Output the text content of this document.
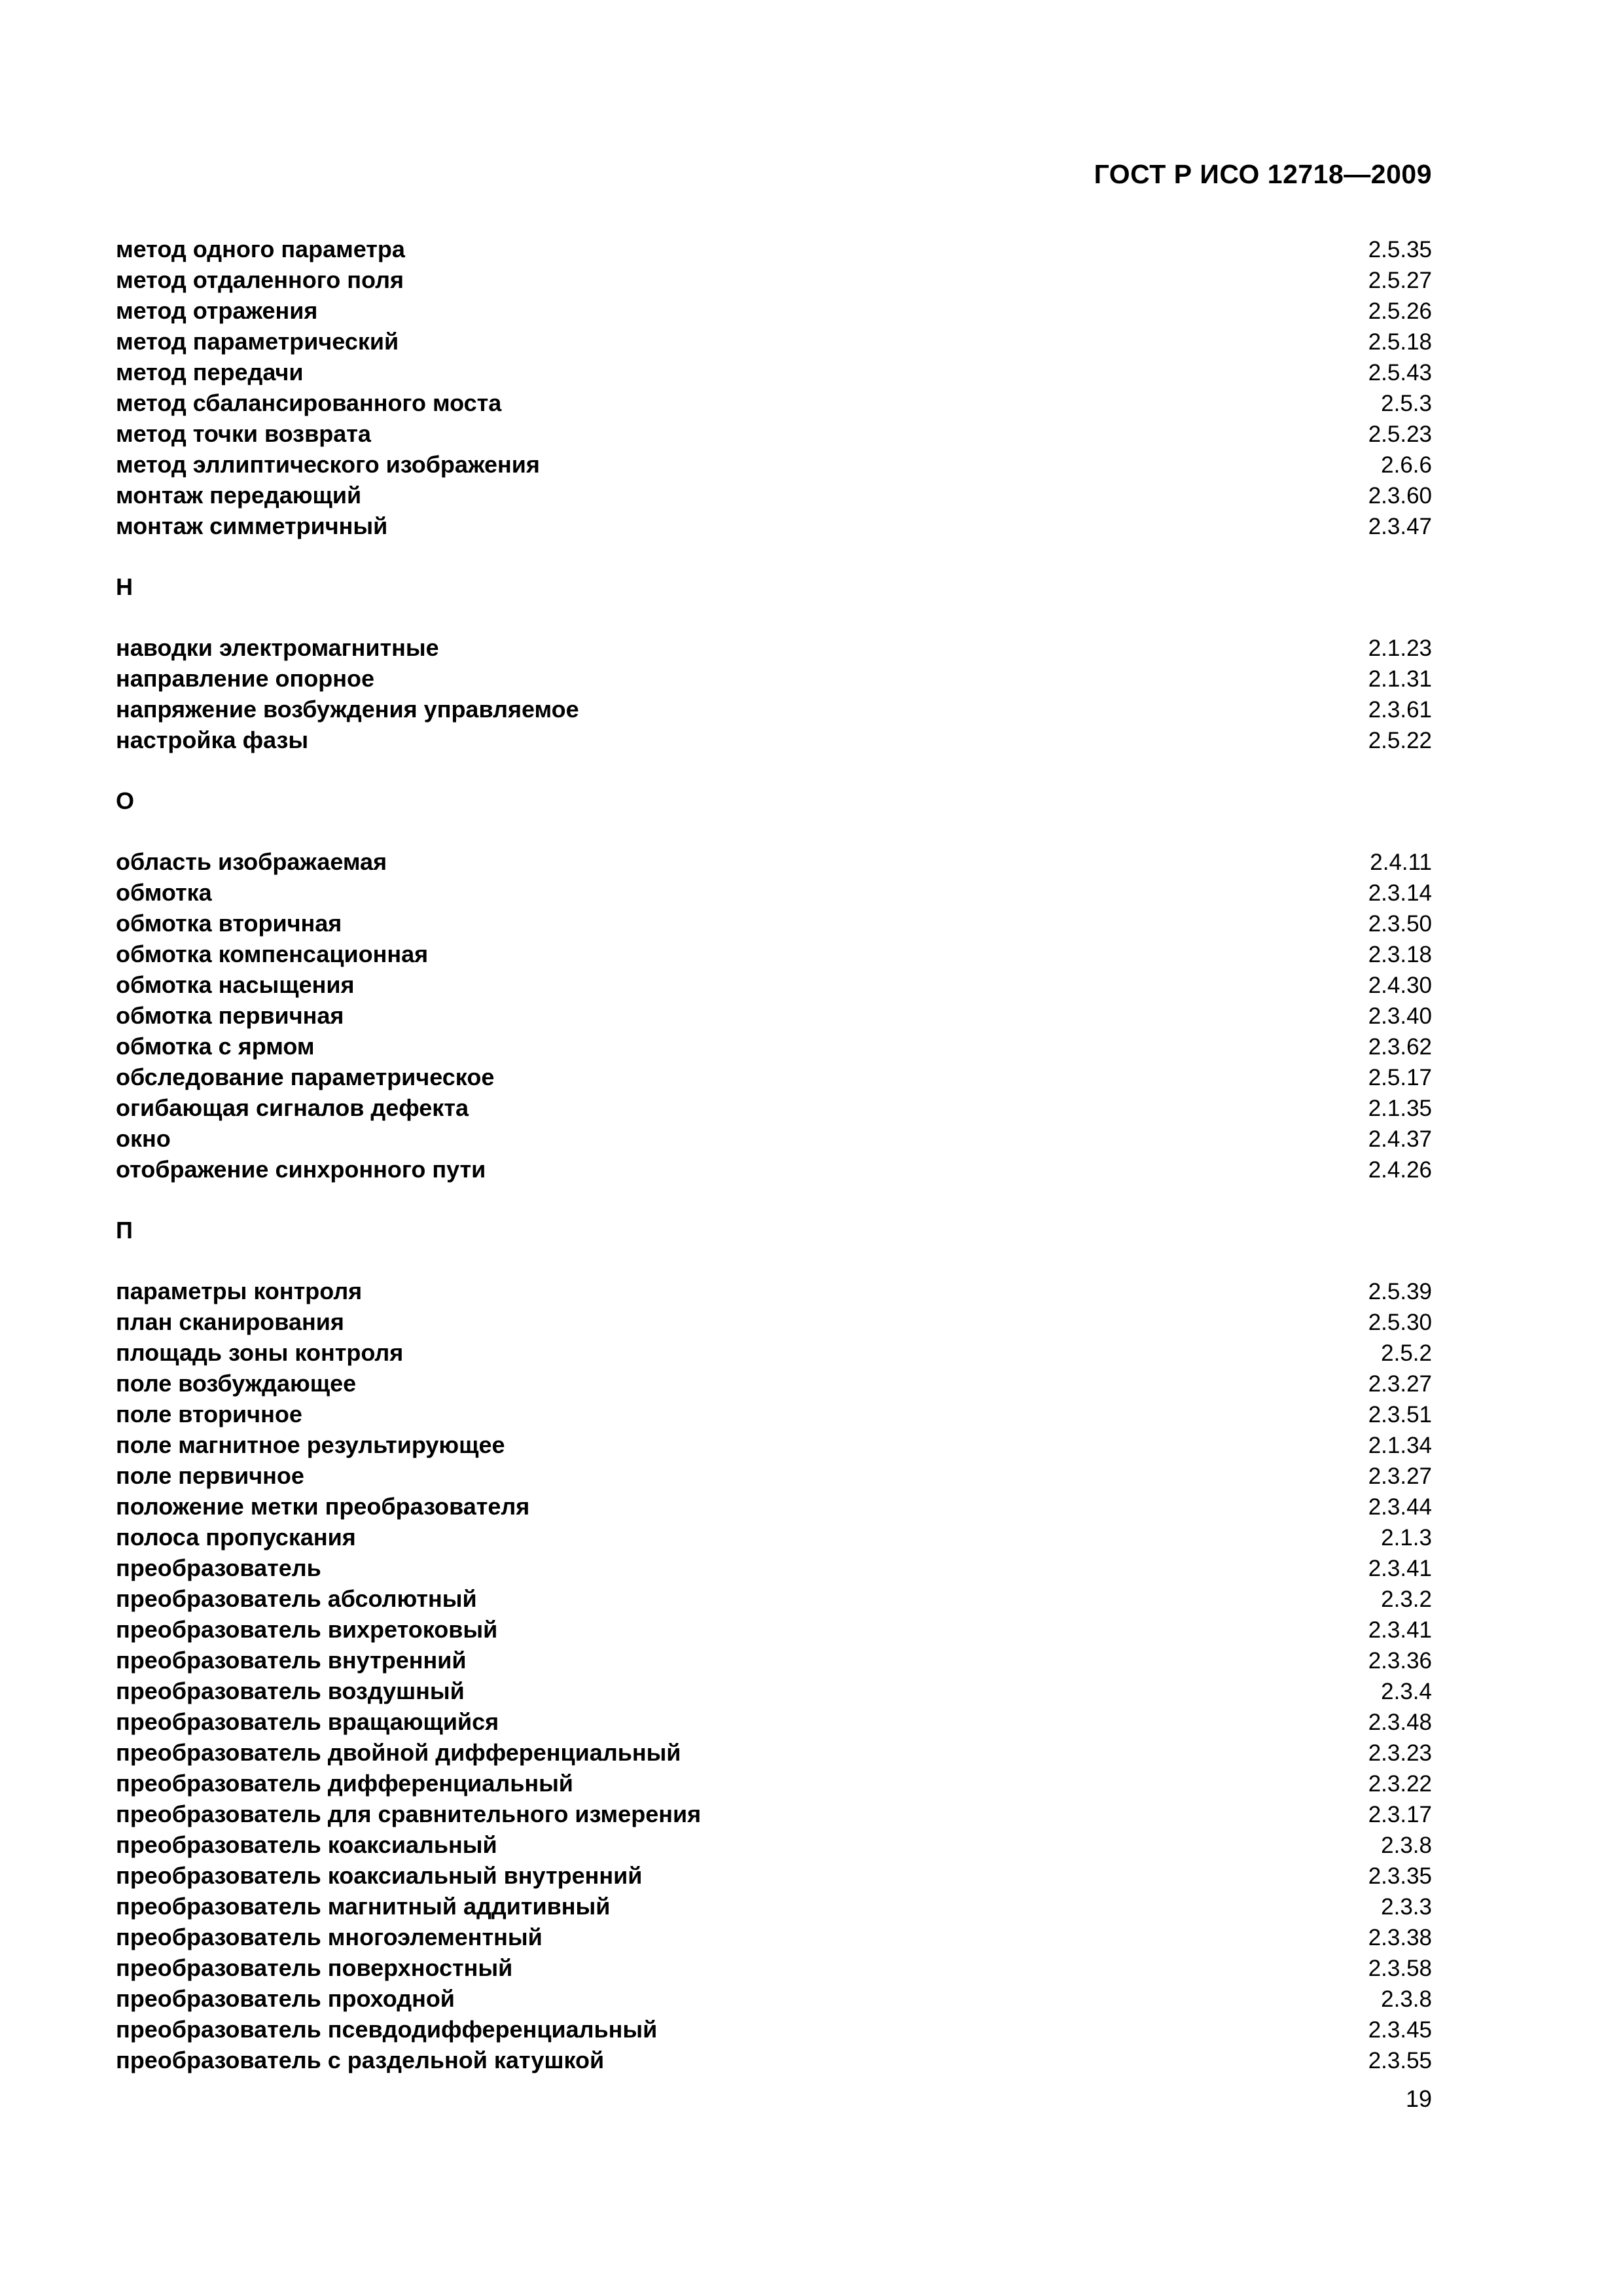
ГОСТ Р ИСО 12718—2009
метод одного параметра	2.5.35
метод отдаленного поля	2.5.27
метод отражения	2.5.26
метод параметрический	2.5.18
метод передачи	2.5.43
метод сбалансированного моста	2.5.3
метод точки возврата	2.5.23
метод эллиптического изображения	2.6.6
монтаж передающий	2.3.60
монтаж симметричный	2.3.47
Н
наводки электромагнитные	2.1.23
направление опорное	2.1.31
напряжение возбуждения управляемое	2.3.61
настройка фазы	2.5.22
О
область изображаемая	2.4.11
обмотка	2.3.14
обмотка вторичная	2.3.50
обмотка компенсационная	2.3.18
обмотка насыщения	2.4.30
обмотка первичная	2.3.40
обмотка с ярмом	2.3.62
обследование параметрическое	2.5.17
огибающая сигналов дефекта	2.1.35
окно	2.4.37
отображение синхронного пути	2.4.26
П
параметры контроля	2.5.39
план сканирования	2.5.30
площадь зоны контроля	2.5.2
поле возбуждающее	2.3.27
поле вторичное	2.3.51
поле магнитное результирующее	2.1.34
поле первичное	2.3.27
положение метки преобразователя	2.3.44
полоса пропускания	2.1.3
преобразователь	2.3.41
преобразователь абсолютный	2.3.2
преобразователь вихретоковый	2.3.41
преобразователь внутренний	2.3.36
преобразователь воздушный	2.3.4
преобразователь вращающийся	2.3.48
преобразователь двойной дифференциальный	2.3.23
преобразователь дифференциальный	2.3.22
преобразователь для сравнительного измерения	2.3.17
преобразователь коаксиальный	2.3.8
преобразователь коаксиальный внутренний	2.3.35
преобразователь магнитный аддитивный	2.3.3
преобразователь многоэлементный	2.3.38
преобразователь поверхностный	2.3.58
преобразователь проходной	2.3.8
преобразователь псевдодифференциальный	2.3.45
преобразователь с раздельной катушкой	2.3.55
19
